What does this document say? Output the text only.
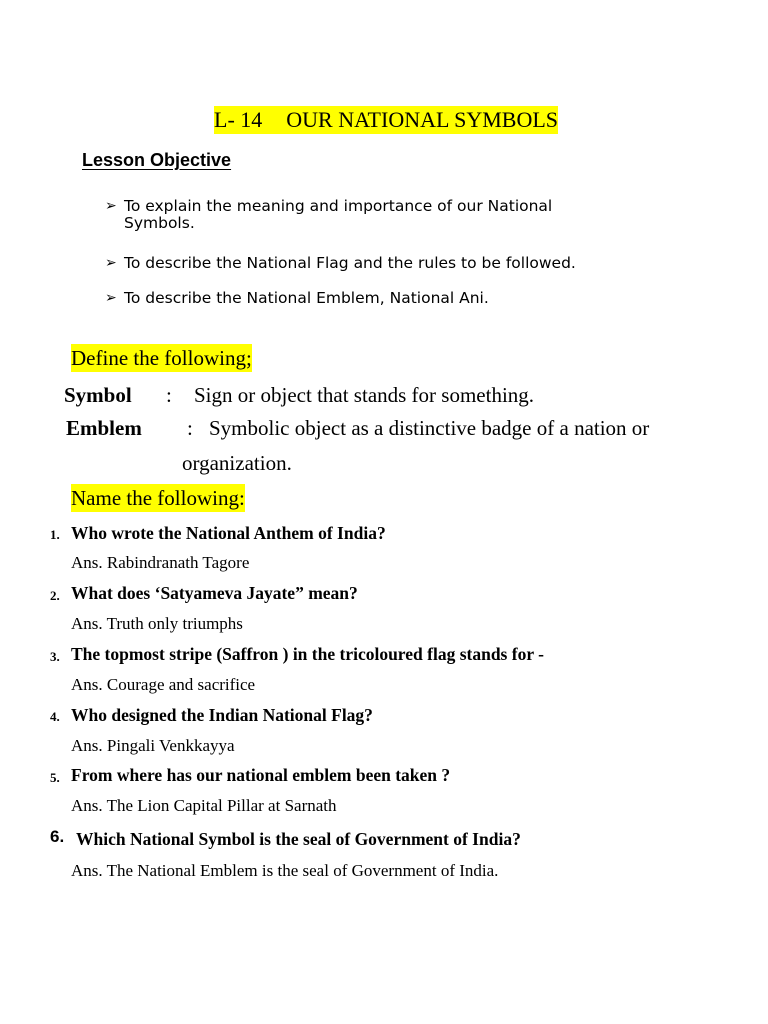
L- 14 OUR NATIONAL SYMBOLS
Lesson Objective
➢ To explain the meaning and importance of our National
Symbols.
➢ To describe the National Flag and the rules to be followed.
➢ To describe the National Emblem, National Ani.
Define the following;
Symbol : Sign or object that stands for something.
Emblem : Symbolic object as a distinctive badge of a nation or
organization.
Name the following:
1. Who wrote the National Anthem of India?
Ans. Rabindranath Tagore
2. What does ‘Satyameva Jayate” mean?
Ans. Truth only triumphs
3. The topmost stripe (Saffron ) in the tricoloured flag stands for -
Ans. Courage and sacrifice
4. Who designed the Indian National Flag?
Ans. Pingali Venkkayya
5. From where has our national emblem been taken ?
Ans. The Lion Capital Pillar at Sarnath
6. Which National Symbol is the seal of Government of India?
Ans. The National Emblem is the seal of Government of India.
